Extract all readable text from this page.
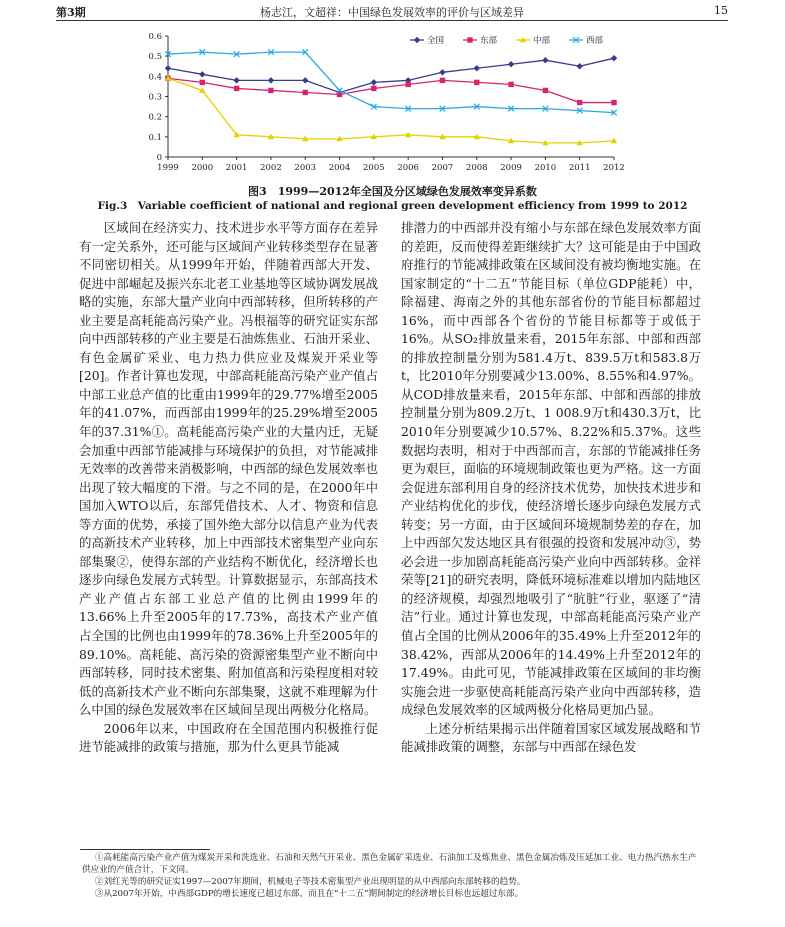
第3期	杨志江，文超祥：中国绿色发展效率的评价与区域差异	15
0
0.1
0.2
0.3
0.4
0.5
0.6
1999 2000 2001 2002 2003 2004 2005 2006 2007 2008 2009 2010 2011 2012
全国	东部	中部	西部
图3　1999—2012年全国及分区域绿色发展效率变异系数
Fig.3　Variable coefficient of national and regional green development efficiency from 1999 to 2012

区域间在经济实力、技术进步水平等方面存在差异有一定关系外，还可能与区域间产业转移类型存在显著不同密切相关。从1999年开始，伴随着西部大开发、促进中部崛起及振兴东北老工业基地等区域协调发展战略的实施，东部大量产业向中西部转移，但所转移的产业主要是高耗能高污染产业。冯根福等的研究证实东部向中西部转移的产业主要是石油炼焦业、石油开采业、有色金属矿采业、电力热力供应业及煤炭开采业等[20]。作者计算也发现，中部高耗能高污染产业产值占中部工业总产值的比重由1999年的29.77%增至2005年的41.07%，而西部由1999年的25.29%增至2005年的37.31%①。高耗能高污染产业的大量内迁，无疑会加重中西部节能减排与环境保护的负担，对节能减排无效率的改善带来消极影响，中西部的绿色发展效率也出现了较大幅度的下滑。与之不同的是，在2000年中国加入WTO以后，东部凭借技术、人才、物资和信息等方面的优势，承接了国外绝大部分以信息产业为代表的高新技术产业转移，加上中西部技术密集型产业向东部集聚②，使得东部的产业结构不断优化，经济增长也逐步向绿色发展方式转型。计算数据显示，东部高技术产业产值占东部工业总产值的比例由1999年的13.66%上升至2005年的17.73%，高技术产业产值占全国的比例也由1999年的78.36%上升至2005年的89.10%。高耗能、高污染的资源密集型产业不断向中西部转移，同时技术密集、附加值高和污染程度相对较低的高新技术产业不断向东部集聚，这就不难理解为什么中国的绿色发展效率在区域间呈现出两极分化格局。

2006年以来，中国政府在全国范围内积极推行促进节能减排的政策与措施，那为什么更具节能减

排潜力的中西部并没有缩小与东部在绿色发展效率方面的差距，反而使得差距继续扩大？这可能是由于中国政府推行的节能减排政策在区域间没有被均衡地实施。在国家制定的“十二五”节能目标（单位GDP能耗）中，除福建、海南之外的其他东部省份的节能目标都超过16%，而中西部各个省份的节能目标都等于或低于16%。从SO₂排放量来看，2015年东部、中部和西部的排放控制量分别为581.4万t、839.5万t和583.8万t，比2010年分别要减少13.00%、8.55%和4.97%。从COD排放量来看，2015年东部、中部和西部的排放控制量分别为809.2万t、1 008.9万t和430.3万t，比2010年分别要减少10.57%、8.22%和5.37%。这些数据均表明，相对于中西部而言，东部的节能减排任务更为艰巨，面临的环境规制政策也更为严格。这一方面会促进东部利用自身的经济技术优势，加快技术进步和产业结构优化的步伐，使经济增长逐步向绿色发展方式转变；另一方面，由于区域间环境规制势差的存在，加上中西部欠发达地区具有很强的投资和发展冲动③，势必会进一步加剧高耗能高污染产业向中西部转移。金祥荣等[21]的研究表明，降低环境标准难以增加内陆地区的经济规模，却强烈地吸引了“肮脏”行业，驱逐了“清洁”行业。通过计算也发现，中部高耗能高污染产业产值占全国的比例从2006年的35.49%上升至2012年的38.42%，西部从2006年的14.49%上升至2012年的17.49%。由此可见，节能减排政策在区域间的非均衡实施会进一步驱使高耗能高污染产业向中西部转移，造成绿色发展效率的区域两极分化格局更加凸显。

上述分析结果揭示出伴随着国家区域发展战略和节能减排政策的调整，东部与中西部在绿色发

①高耗能高污染产业产值为煤炭开采和洗选业、石油和天然气开采业、黑色金属矿采选业、石油加工及炼焦业、黑色金属冶炼及压延加工业、电力热汽热水生产供应业的产值合计，下文同。

②刘红光等的研究证实1997—2007年期间，机械电子等技术密集型产业出现明显的从中西部向东部转移的趋势。

③从2007年开始，中西部GDP的增长速度已超过东部，而且在“十二五”期间制定的经济增长目标也远超过东部。
